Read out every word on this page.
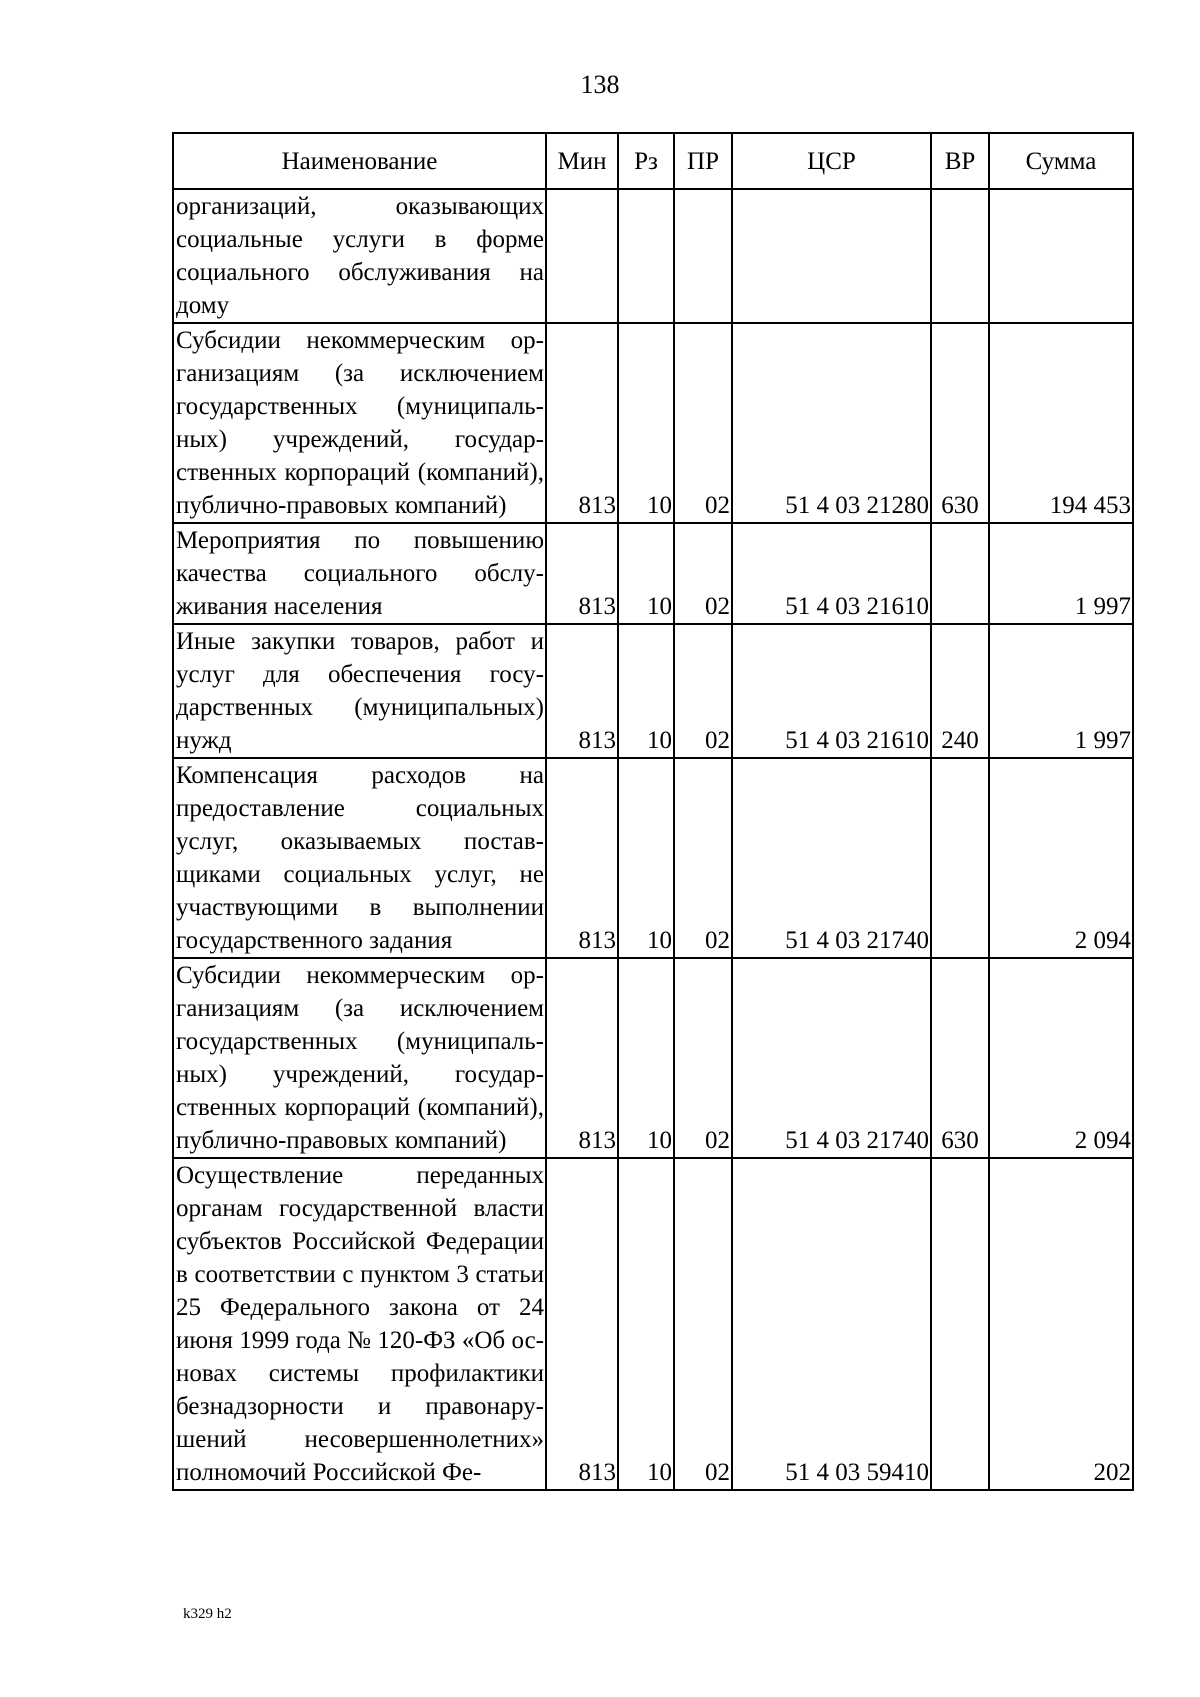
138
Наименование	Мин	Рз	ПР	ЦСР	ВР	Сумма

организаций, оказывающих социальные услуги в форме социального обслуживания на дому						

Субсидии некоммерческим организациям (за исключением государственных (муниципальных) учреждений, государственных корпораций (компаний), публично-правовых компаний)	813	10	02	51 4 03 21280	630	194 453

Мероприятия по повышению качества социального обслуживания населения	813	10	02	51 4 03 21610		1 997

Иные закупки товаров, работ и услуг для обеспечения государственных (муниципальных) нужд	813	10	02	51 4 03 21610	240	1 997

Компенсация расходов на предоставление социальных услуг, оказываемых поставщиками социальных услуг, не участвующими в выполнении государственного задания	813	10	02	51 4 03 21740		2 094

Субсидии некоммерческим организациям (за исключением государственных (муниципальных) учреждений, государственных корпораций (компаний), публично-правовых компаний)	813	10	02	51 4 03 21740	630	2 094

Осуществление переданных органам государственной власти субъектов Российской Федерации в соответствии с пунктом 3 статьи 25 Федерального закона от 24 июня 1999 года № 120-ФЗ «Об основах системы профилактики безнадзорности и правонарушений несовершеннолетних» полномочий Российской Фе-	813	10	02	51 4 03 59410		202
k329 h2
